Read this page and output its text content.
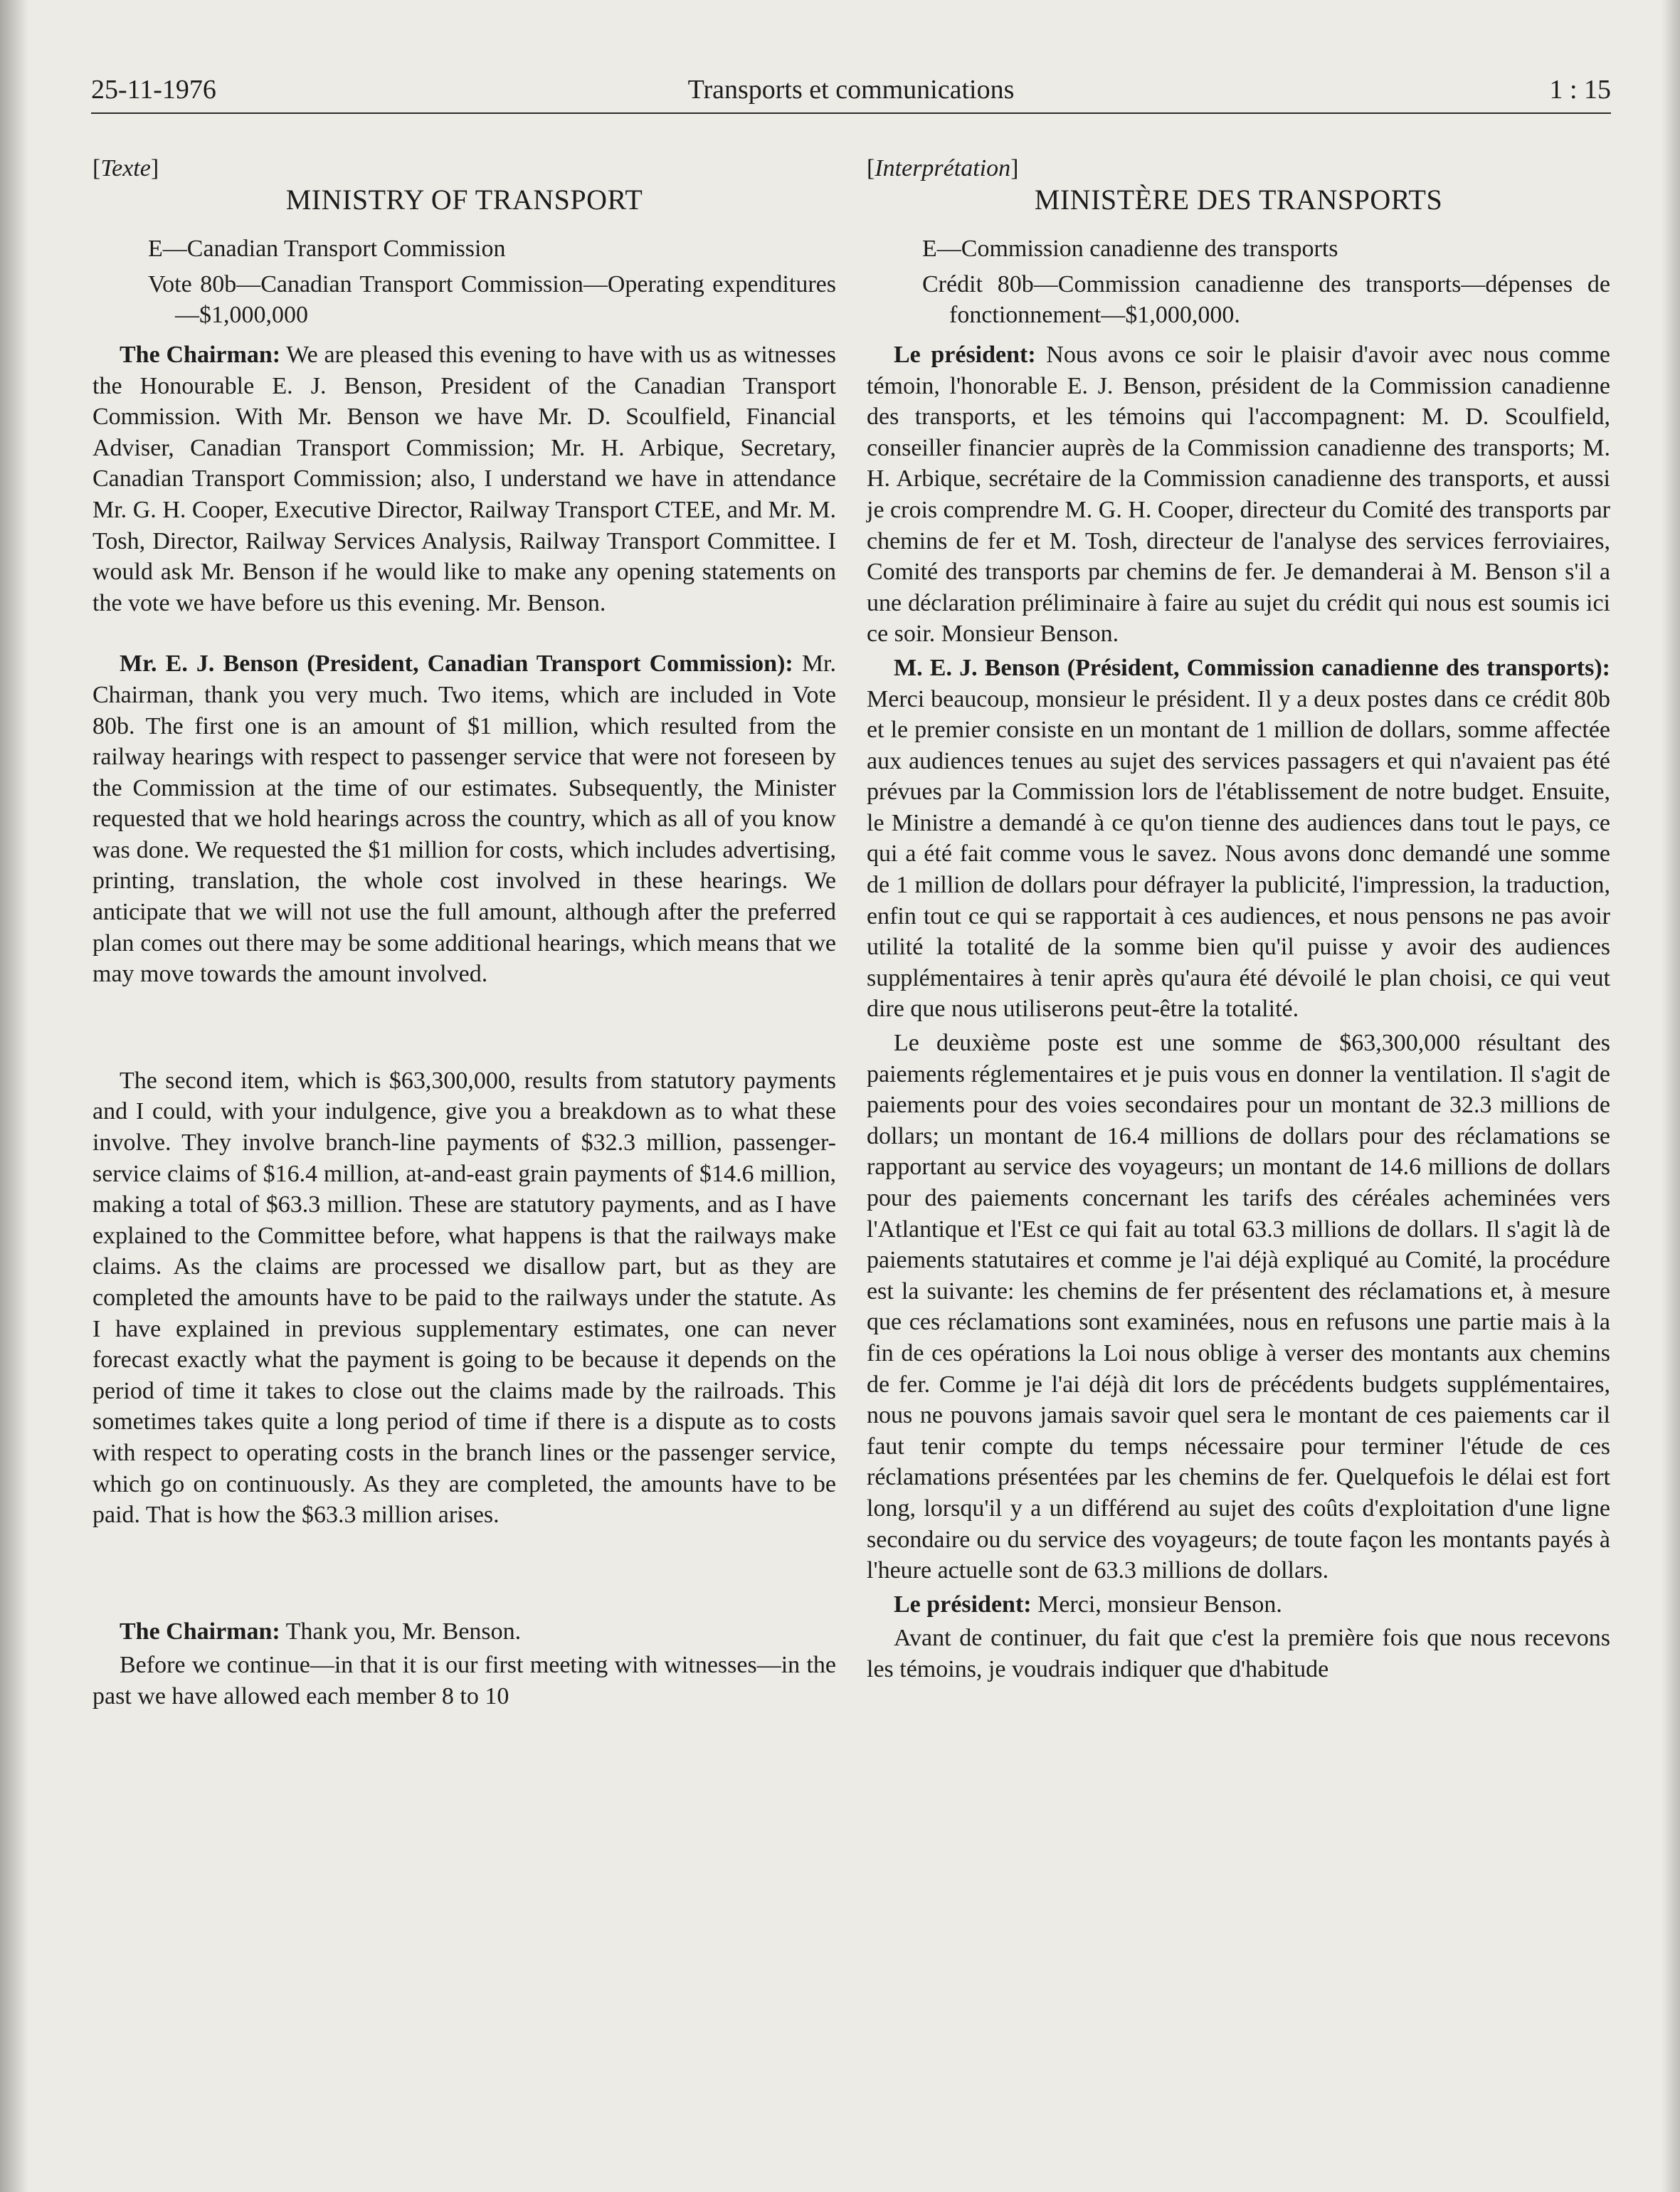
25-11-1976	Transports et communications	1 : 15

[Texte]

MINISTRY OF TRANSPORT

E—Canadian Transport Commission

Vote 80b—Canadian Transport Commission—Operating expenditures—$1,000,000

The Chairman: We are pleased this evening to have with us as witnesses the Honourable E. J. Benson, President of the Canadian Transport Commission. With Mr. Benson we have Mr. D. Scoulfield, Financial Adviser, Canadian Transport Commission; Mr. H. Arbique, Secretary, Canadian Transport Commission; also, I understand we have in attendance Mr. G. H. Cooper, Executive Director, Railway Transport CTEE, and Mr. M. Tosh, Director, Railway Services Analysis, Railway Transport Committee. I would ask Mr. Benson if he would like to make any opening statements on the vote we have before us this evening. Mr. Benson.

Mr. E. J. Benson (President, Canadian Transport Commission): Mr. Chairman, thank you very much. Two items, which are included in Vote 80b. The first one is an amount of $1 million, which resulted from the railway hearings with respect to passenger service that were not foreseen by the Commission at the time of our estimates. Subsequently, the Minister requested that we hold hearings across the country, which as all of you know was done. We requested the $1 million for costs, which includes advertising, printing, translation, the whole cost involved in these hearings. We anticipate that we will not use the full amount, although after the preferred plan comes out there may be some additional hearings, which means that we may move towards the amount involved.

The second item, which is $63,300,000, results from statutory payments and I could, with your indulgence, give you a breakdown as to what these involve. They involve branch-line payments of $32.3 million, passenger-service claims of $16.4 million, at-and-east grain payments of $14.6 million, making a total of $63.3 million. These are statutory payments, and as I have explained to the Committee before, what happens is that the railways make claims. As the claims are processed we disallow part, but as they are completed the amounts have to be paid to the railways under the statute. As I have explained in previous supplementary estimates, one can never forecast exactly what the payment is going to be because it depends on the period of time it takes to close out the claims made by the railroads. This sometimes takes quite a long period of time if there is a dispute as to costs with respect to operating costs in the branch lines or the passenger service, which go on continuously. As they are completed, the amounts have to be paid. That is how the $63.3 million arises.

The Chairman: Thank you, Mr. Benson.

Before we continue—in that it is our first meeting with witnesses—in the past we have allowed each member 8 to 10

[Interprétation]

MINISTÈRE DES TRANSPORTS

E—Commission canadienne des transports

Crédit 80b—Commission canadienne des transports—dépenses de fonctionnement—$1,000,000.

Le président: Nous avons ce soir le plaisir d'avoir avec nous comme témoin, l'honorable E. J. Benson, président de la Commission canadienne des transports, et les témoins qui l'accompagnent: M. D. Scoulfield, conseiller financier auprès de la Commission canadienne des transports; M. H. Arbique, secrétaire de la Commission canadienne des transports, et aussi je crois comprendre M. G. H. Cooper, directeur du Comité des transports par chemins de fer et M. Tosh, directeur de l'analyse des services ferroviaires, Comité des transports par chemins de fer. Je demanderai à M. Benson s'il a une déclaration préliminaire à faire au sujet du crédit qui nous est soumis ici ce soir. Monsieur Benson.

M. E. J. Benson (Président, Commission canadienne des transports): Merci beaucoup, monsieur le président. Il y a deux postes dans ce crédit 80b et le premier consiste en un montant de 1 million de dollars, somme affectée aux audiences tenues au sujet des services passagers et qui n'avaient pas été prévues par la Commission lors de l'établissement de notre budget. Ensuite, le Ministre a demandé à ce qu'on tienne des audiences dans tout le pays, ce qui a été fait comme vous le savez. Nous avons donc demandé une somme de 1 million de dollars pour défrayer la publicité, l'impression, la traduction, enfin tout ce qui se rapportait à ces audiences, et nous pensons ne pas avoir utilité la totalité de la somme bien qu'il puisse y avoir des audiences supplémentaires à tenir après qu'aura été dévoilé le plan choisi, ce qui veut dire que nous utiliserons peut-être la totalité.

Le deuxième poste est une somme de $63,300,000 résultant des paiements réglementaires et je puis vous en donner la ventilation. Il s'agit de paiements pour des voies secondaires pour un montant de 32.3 millions de dollars; un montant de 16.4 millions de dollars pour des réclamations se rapportant au service des voyageurs; un montant de 14.6 millions de dollars pour des paiements concernant les tarifs des céréales acheminées vers l'Atlantique et l'Est ce qui fait au total 63.3 millions de dollars. Il s'agit là de paiements statutaires et comme je l'ai déjà expliqué au Comité, la procédure est la suivante: les chemins de fer présentent des réclamations et, à mesure que ces réclamations sont examinées, nous en refusons une partie mais à la fin de ces opérations la Loi nous oblige à verser des montants aux chemins de fer. Comme je l'ai déjà dit lors de précédents budgets supplémentaires, nous ne pouvons jamais savoir quel sera le montant de ces paiements car il faut tenir compte du temps nécessaire pour terminer l'étude de ces réclamations présentées par les chemins de fer. Quelquefois le délai est fort long, lorsqu'il y a un différend au sujet des coûts d'exploitation d'une ligne secondaire ou du service des voyageurs; de toute façon les montants payés à l'heure actuelle sont de 63.3 millions de dollars.

Le président: Merci, monsieur Benson.

Avant de continuer, du fait que c'est la première fois que nous recevons les témoins, je voudrais indiquer que d'habitude
